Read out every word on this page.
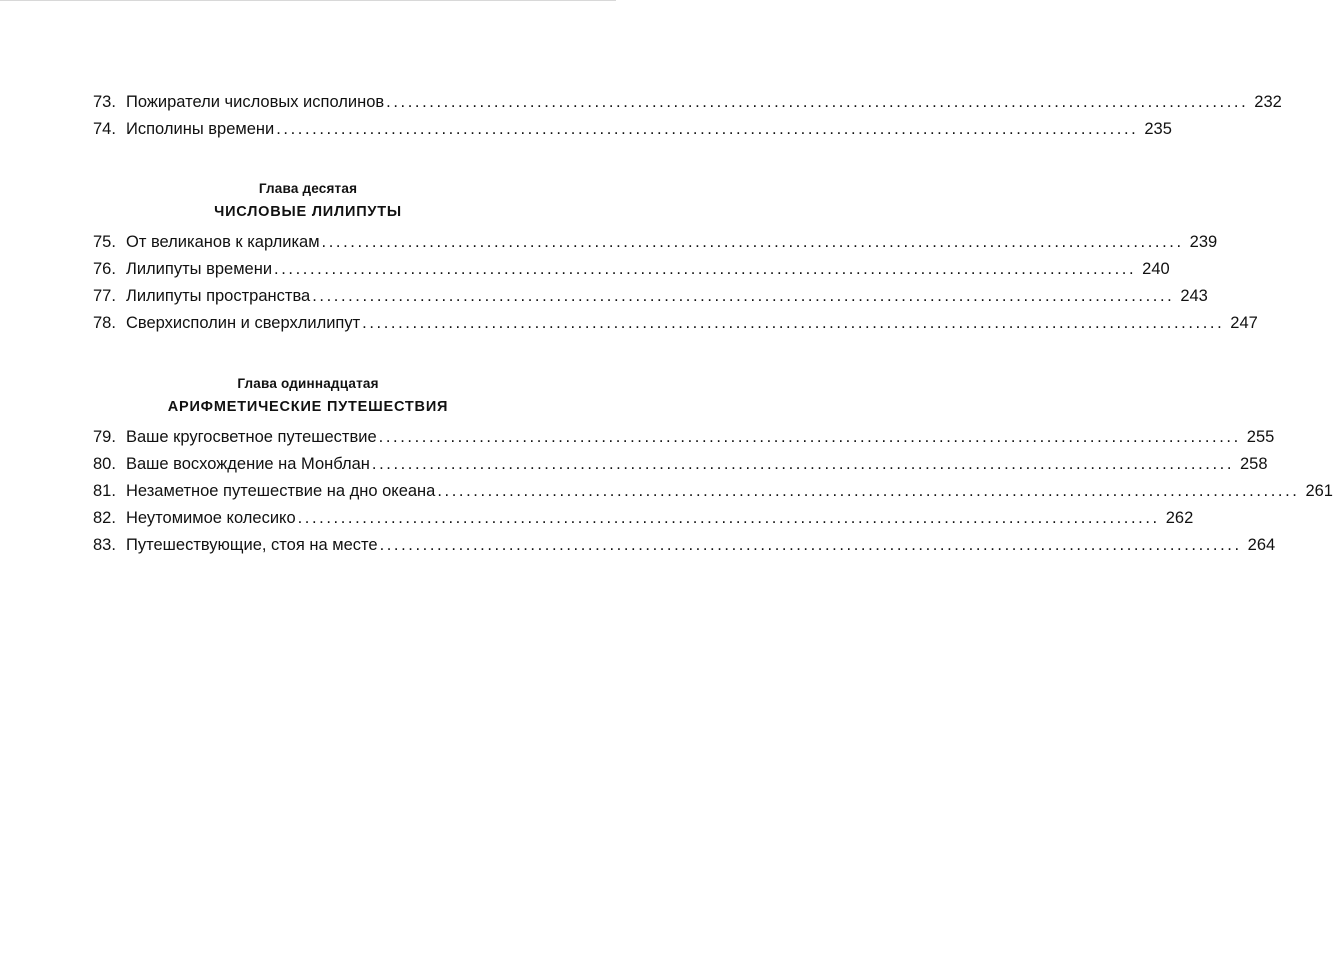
73. Пожиратели числовых исполинов ........................................................................................................................ 232
74. Исполины времени ........................................................................................................................ 235
Глава десятая
ЧИСЛОВЫЕ ЛИЛИПУТЫ
75. От великанов к карликам ........................................................................................................................ 239
76. Лилипуты времени ........................................................................................................................ 240
77. Лилипуты пространства ........................................................................................................................ 243
78. Сверхисполин и сверхлилипут ........................................................................................................................ 247
Глава одиннадцатая
АРИФМЕТИЧЕСКИЕ ПУТЕШЕСТВИЯ
79. Ваше кругосветное путешествие ........................................................................................................................ 255
80. Ваше восхождение на Монблан ........................................................................................................................ 258
81. Незаметное путешествие на дно океана ........................................................................................................................ 261
82. Неутомимое колесико ........................................................................................................................ 262
83. Путешествующие, стоя на месте ........................................................................................................................ 264
